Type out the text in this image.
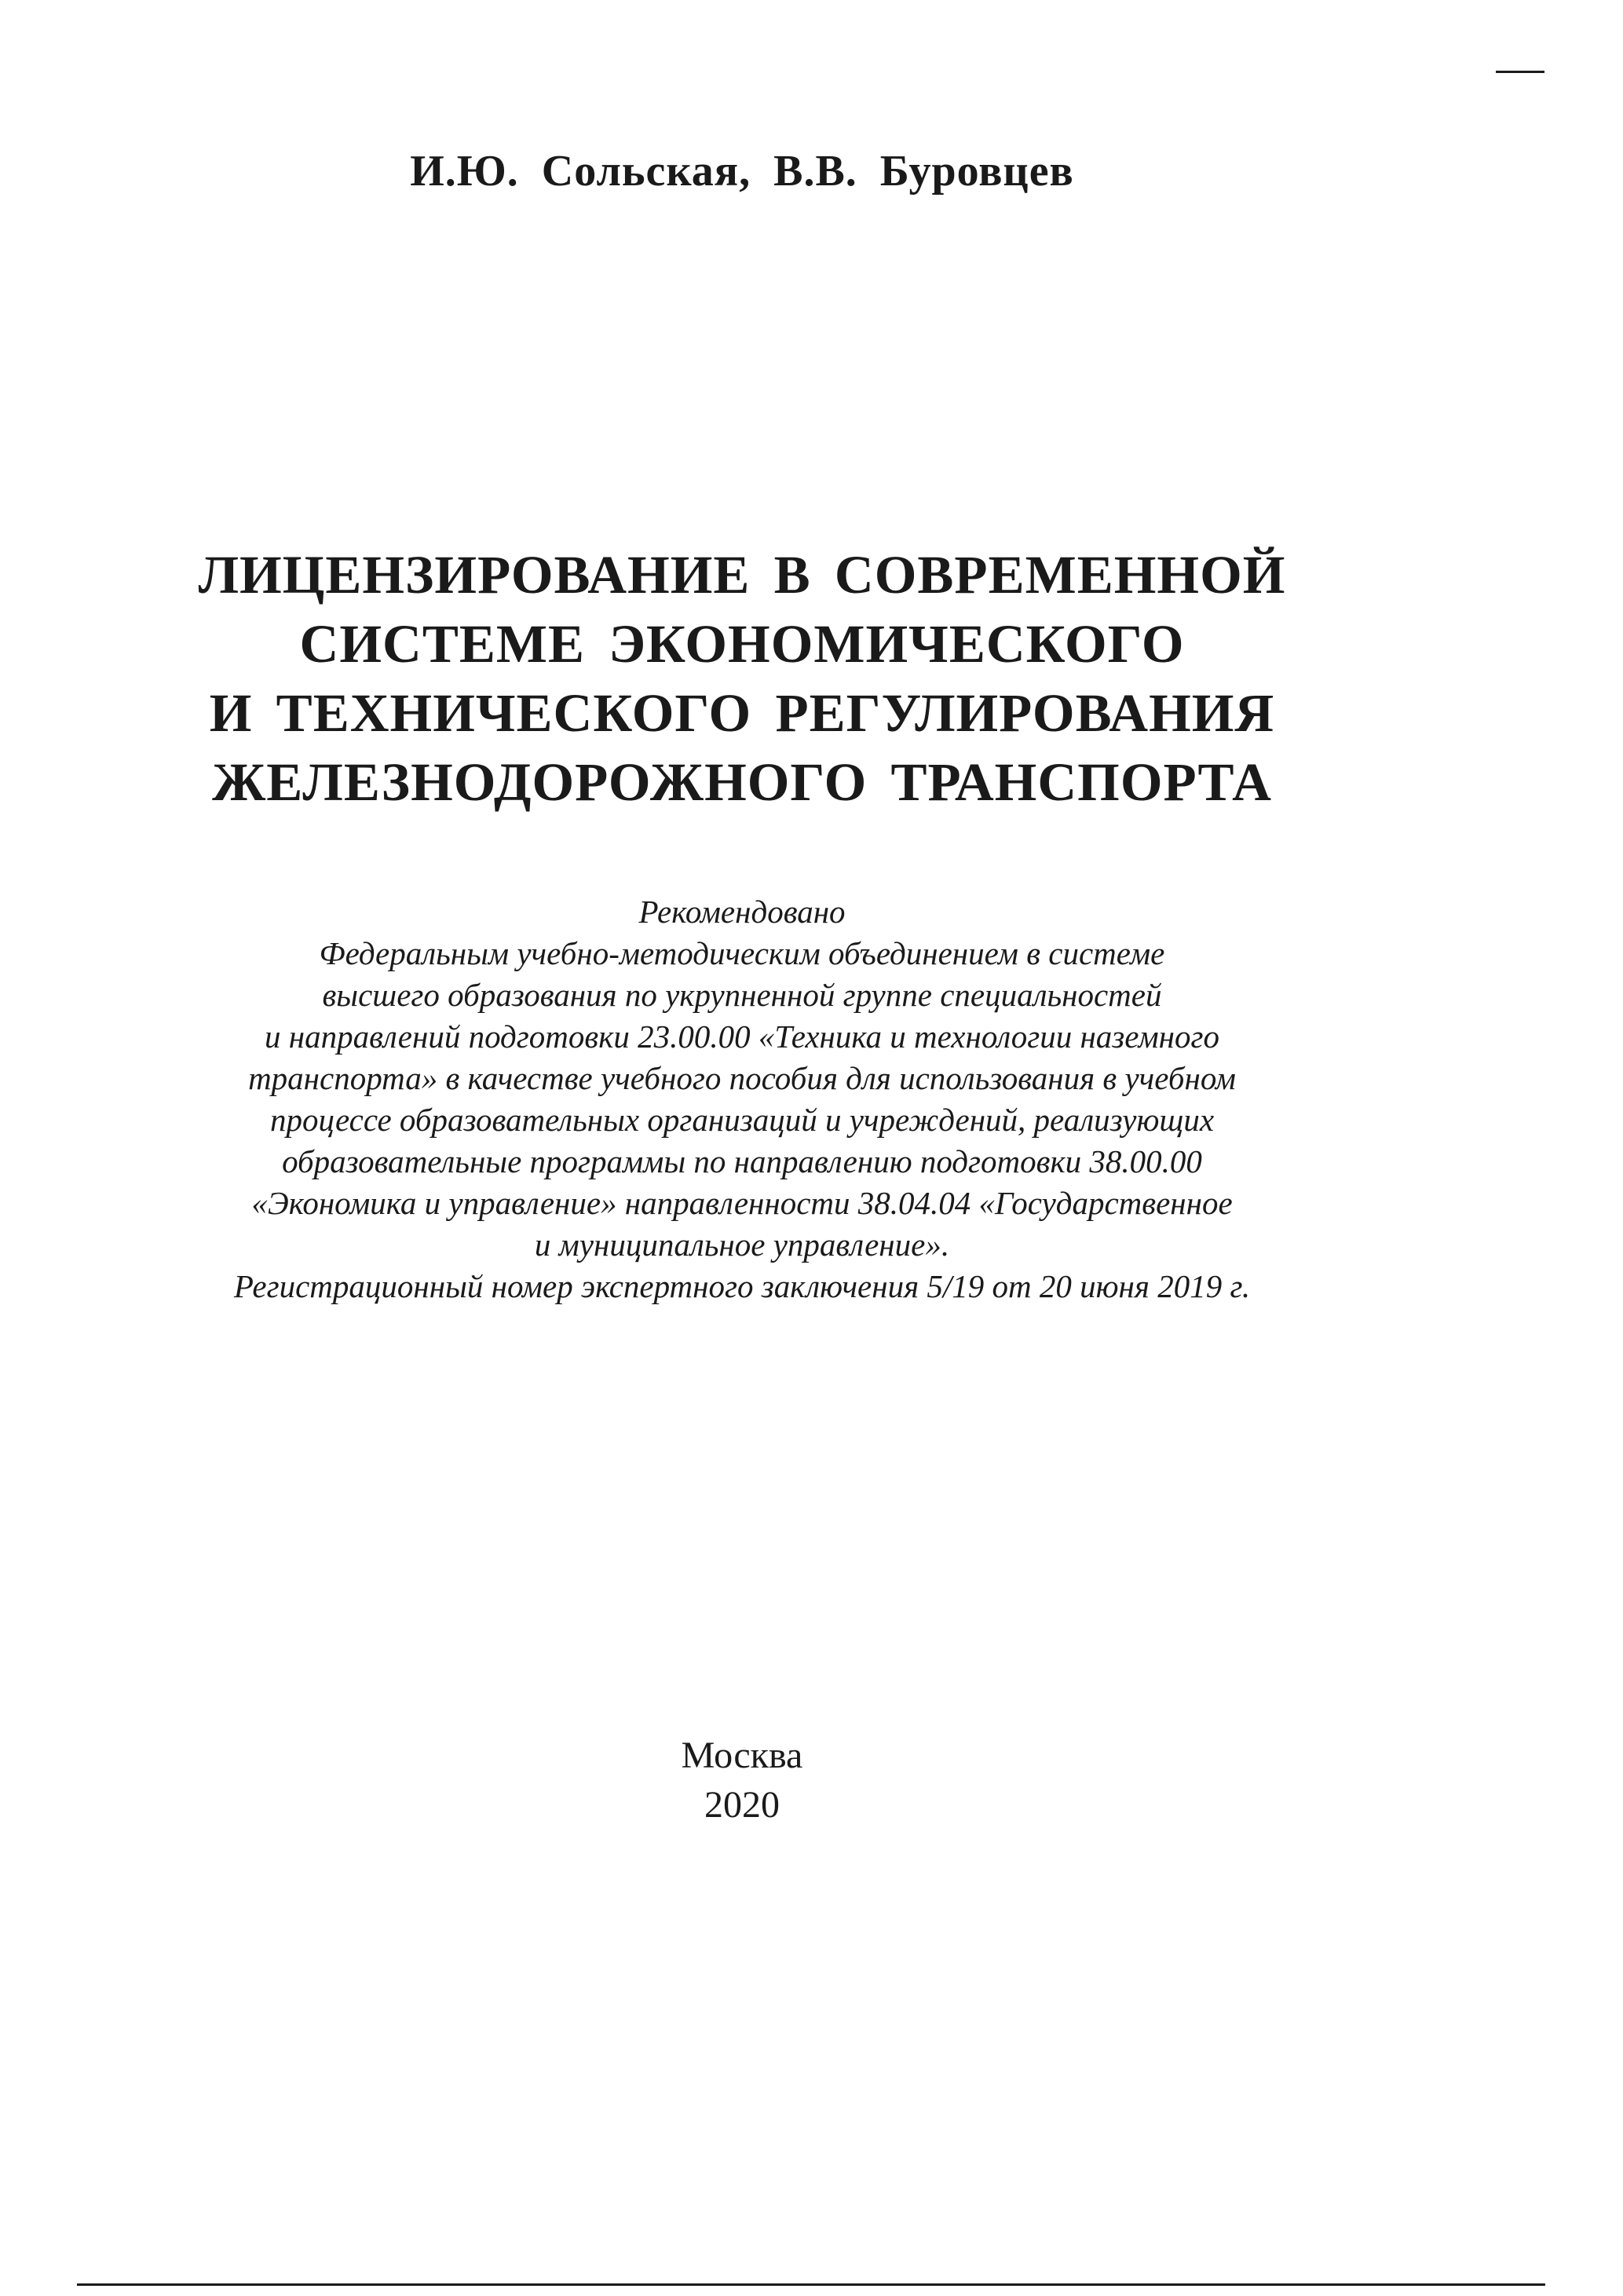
И.Ю. Сольская, В.В. Буровцев
ЛИЦЕНЗИРОВАНИЕ В СОВРЕМЕННОЙ
СИСТЕМЕ ЭКОНОМИЧЕСКОГО
И ТЕХНИЧЕСКОГО РЕГУЛИРОВАНИЯ
ЖЕЛЕЗНОДОРОЖНОГО ТРАНСПОРТА
Рекомендовано
Федеральным учебно-методическим объединением в системе
высшего образования по укрупненной группе специальностей
и направлений подготовки 23.00.00 «Техника и технологии наземного
транспорта» в качестве учебного пособия для использования в учебном
процессе образовательных организаций и учреждений, реализующих
образовательные программы по направлению подготовки 38.00.00
«Экономика и управление» направленности 38.04.04 «Государственное
и муниципальное управление».
Регистрационный номер экспертного заключения 5/19 от 20 июня 2019 г.
Москва
2020
